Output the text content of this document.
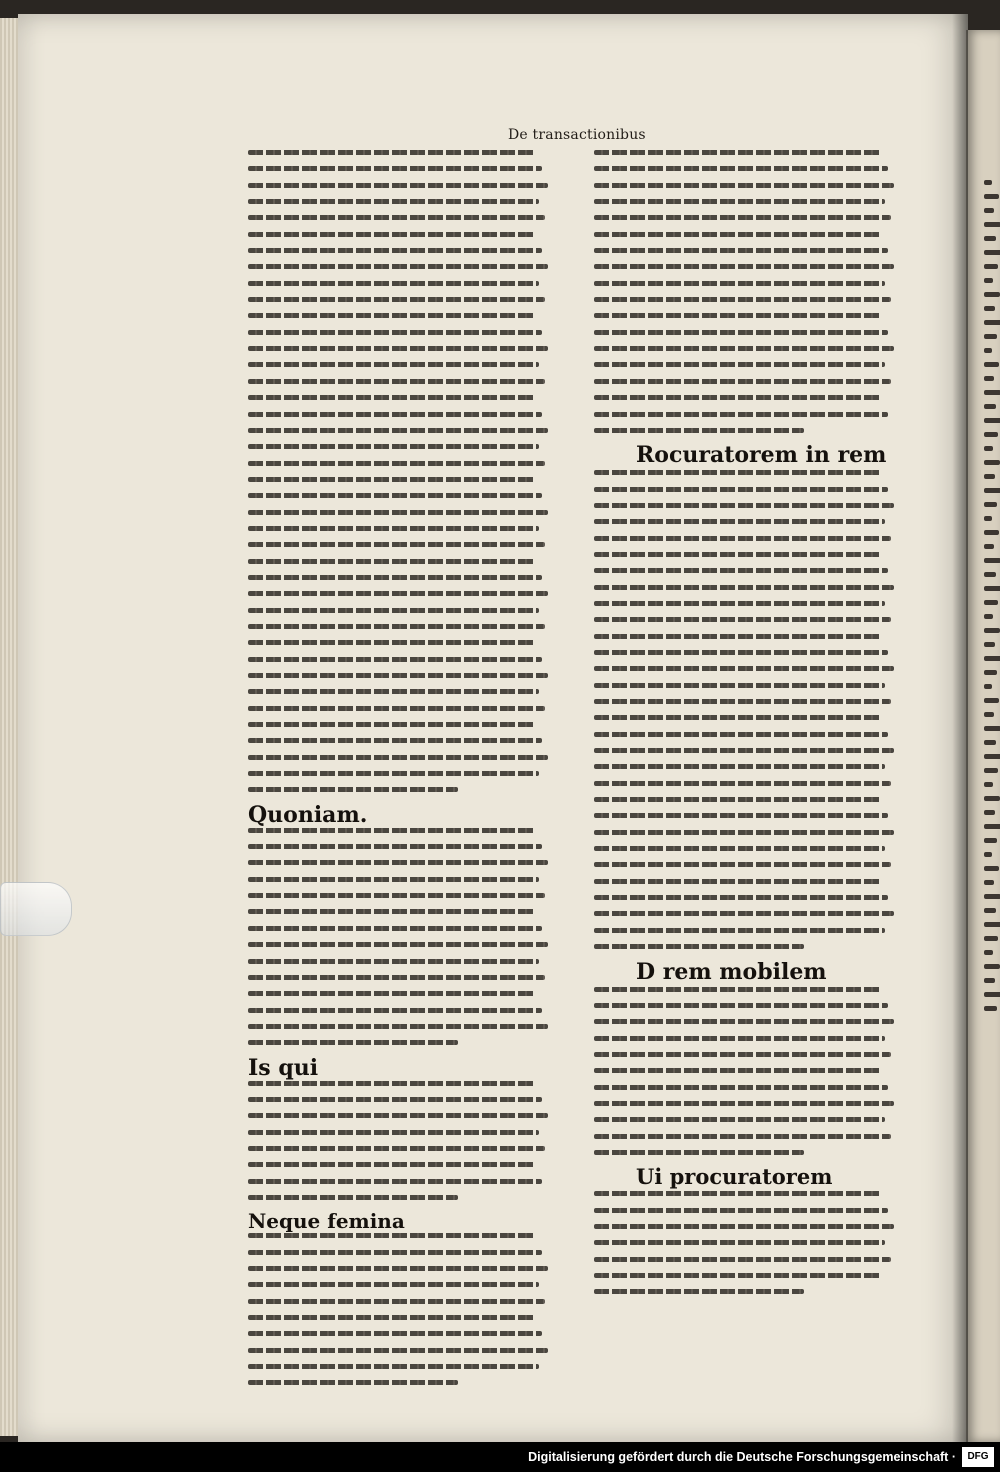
De transactionibus
Quoniam.
Is qui
Neque femina
Rocuratorem in rem
D rem mobilem
Ui procuratorem
Digitalisierung gefördert durch die Deutsche Forschungsgemeinschaft ·	DFG
